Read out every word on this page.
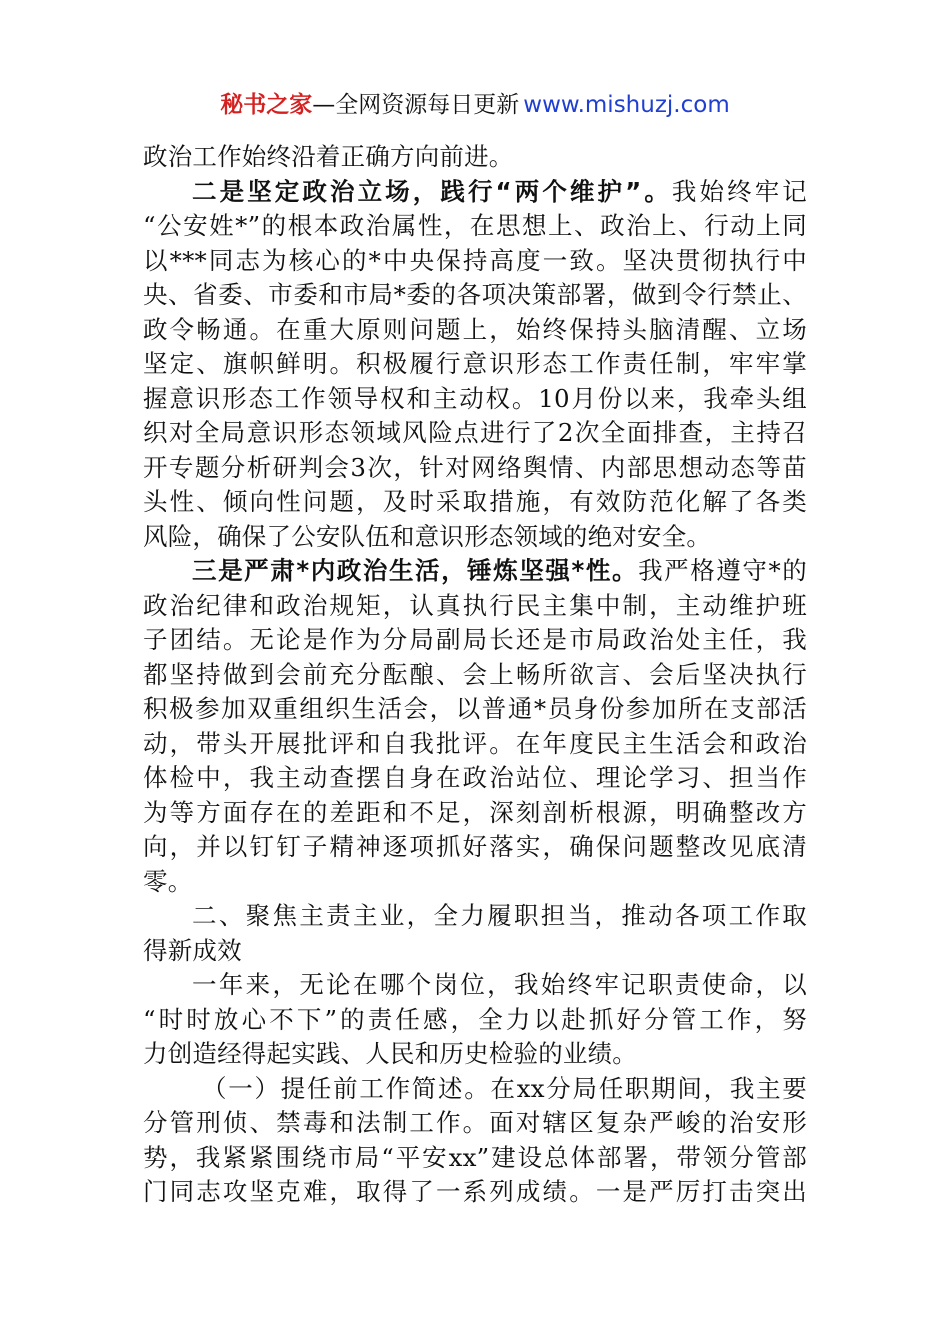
秘书之家—全网资源每日更新 www.mishuzj.com
政治工作始终沿着正确方向前进。
二是坚定政治立场，践行“两个维护”。我始终牢记
“公安姓*”的根本政治属性，在思想上、政治上、行动上同
以***同志为核心的*中央保持高度一致。坚决贯彻执行中
央、省委、市委和市局*委的各项决策部署，做到令行禁止、
政令畅通。在重大原则问题上，始终保持头脑清醒、立场
坚定、旗帜鲜明。积极履行意识形态工作责任制，牢牢掌
握意识形态工作领导权和主动权。10月份以来，我牵头组
织对全局意识形态领域风险点进行了2次全面排查，主持召
开专题分析研判会3次，针对网络舆情、内部思想动态等苗
头性、倾向性问题，及时采取措施，有效防范化解了各类
风险，确保了公安队伍和意识形态领域的绝对安全。
三是严肃*内政治生活，锤炼坚强*性。我严格遵守*的
政治纪律和政治规矩，认真执行民主集中制，主动维护班
子团结。无论是作为分局副局长还是市局政治处主任，我
都坚持做到会前充分酝酿、会上畅所欲言、会后坚决执行
积极参加双重组织生活会，以普通*员身份参加所在支部活
动，带头开展批评和自我批评。在年度民主生活会和政治
体检中，我主动查摆自身在政治站位、理论学习、担当作
为等方面存在的差距和不足，深刻剖析根源，明确整改方
向，并以钉钉子精神逐项抓好落实，确保问题整改见底清
零。
二、聚焦主责主业，全力履职担当，推动各项工作取
得新成效
一年来，无论在哪个岗位，我始终牢记职责使命，以
“时时放心不下”的责任感，全力以赴抓好分管工作，努
力创造经得起实践、人民和历史检验的业绩。
（一）提任前工作简述。在xx分局任职期间，我主要
分管刑侦、禁毒和法制工作。面对辖区复杂严峻的治安形
势，我紧紧围绕市局“平安xx”建设总体部署，带领分管部
门同志攻坚克难，取得了一系列成绩。一是严厉打击突出
